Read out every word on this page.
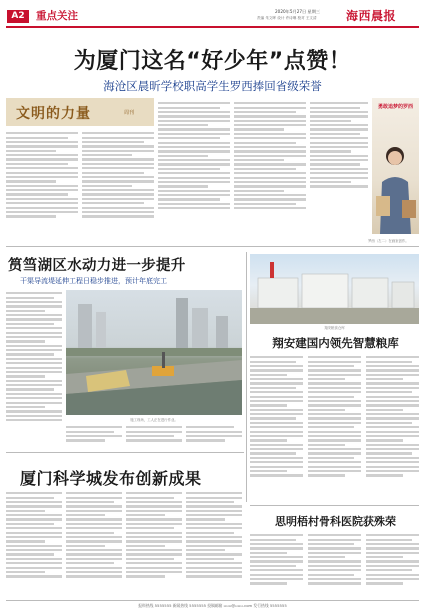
A2	重点关注	2020年5月27日 星期三
责编 朱文晖 设计 许诗琳 校对 王文清 海西晨报
为厦门这名“好少年”点赞！
海沧区晨昕学校职高学生罗西捧回省级荣誉
文明的力量	周刊
勇敢追梦的罗西
罗西（左二）在画室创作。
筼筜湖区水动力进一步提升
干渠导流堤延伸工程日稳步推进，预计年底完工
施工现场，工人正在进行作业。
翔安粮食仓库
翔安建国内领先智慧粮库
厦门科学城发布创新成果
思明梧村骨科医院获殊荣
报料热线 5555555 新闻热线 5555555 投稿邮箱 ▫▫▫@▫▫▫.com 发行热线 5555555
